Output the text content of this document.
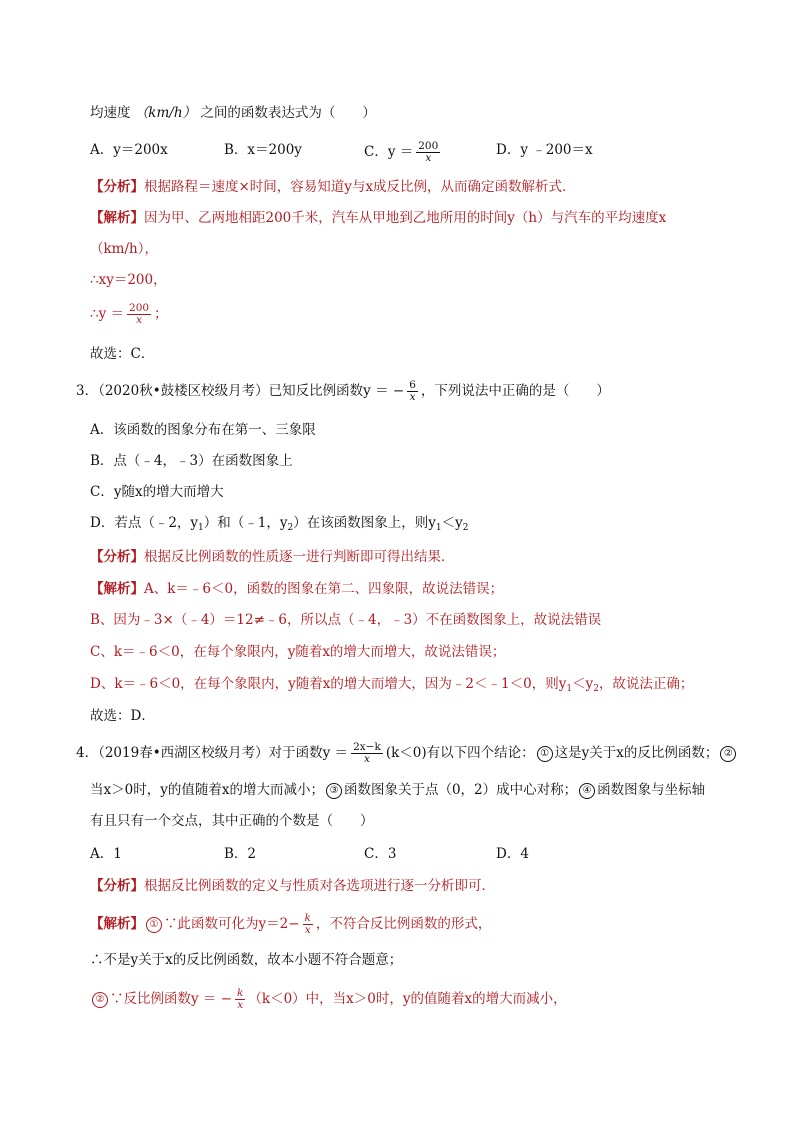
均速度 （km/h） 之间的函数表达式为（　　）
A．y＝200x	B．x＝200y	C．$y = \frac{200}{x}$	D．y ﹣200＝x
【分析】根据路程＝速度×时间，容易知道y与x成反比例，从而确定函数解析式．
【解析】因为甲、乙两地相距200千米，汽车从甲地到乙地所用的时间y（h）与汽车的平均速度x
（km/h），
∴xy＝200，
∴y ＝ $\frac{200}{x}$ ；
故选：C．
3．（2020秋•鼓楼区校级月考）已知反比例函数y ＝ − $\frac{6}{x}$ ，下列说法中正确的是（　　）
A．该函数的图象分布在第一、三象限
B．点（﹣4，﹣3）在函数图象上
C．y随x的增大而增大
D．若点（﹣2，$y_1$）和（﹣1，$y_2$）在该函数图象上，则$y_1<y_2$
【分析】根据反比例函数的性质逐一进行判断即可得出结果．
【解析】A、k＝﹣6＜0，函数的图象在第二、四象限，故说法错误；
B、因为﹣3×（﹣4）＝12≠﹣6，所以点（﹣4，﹣3）不在函数图象上，故说法错误
C、k＝﹣6＜0，在每个象限内，y随着x的增大而增大，故说法错误；
D、k＝﹣6＜0，在每个象限内，y随着x的增大而增大，因为﹣2＜﹣1＜0，则$y_1<y_2$，故说法正确；
故选：D．
4．（2019春•西湖区校级月考）对于函数$y = \frac{2x-k}{x} (k<0)$有以下四个结论： ① 这是y关于x的反比例函数； ②
当x＞0时，y的值随着x的增大而减小； ③ 函数图象关于点（0，2）成中心对称； ④ 函数图象与坐标轴
有且只有一个交点，其中正确的个数是（　　）
A．1	B．2	C．3	D．4
【分析】根据反比例函数的定义与性质对各选项进行逐一分析即可．
【解析】 ① ∵此函数可化为$y=2- \frac{k}{x}$ ，不符合反比例函数的形式，
∴不是y关于x的反比例函数，故本小题不符合题意；
② ∵反比例函数y ＝ − $\frac{k}{x} (k<0)$中，当x＞0时，y的值随着x的增大而减小，
